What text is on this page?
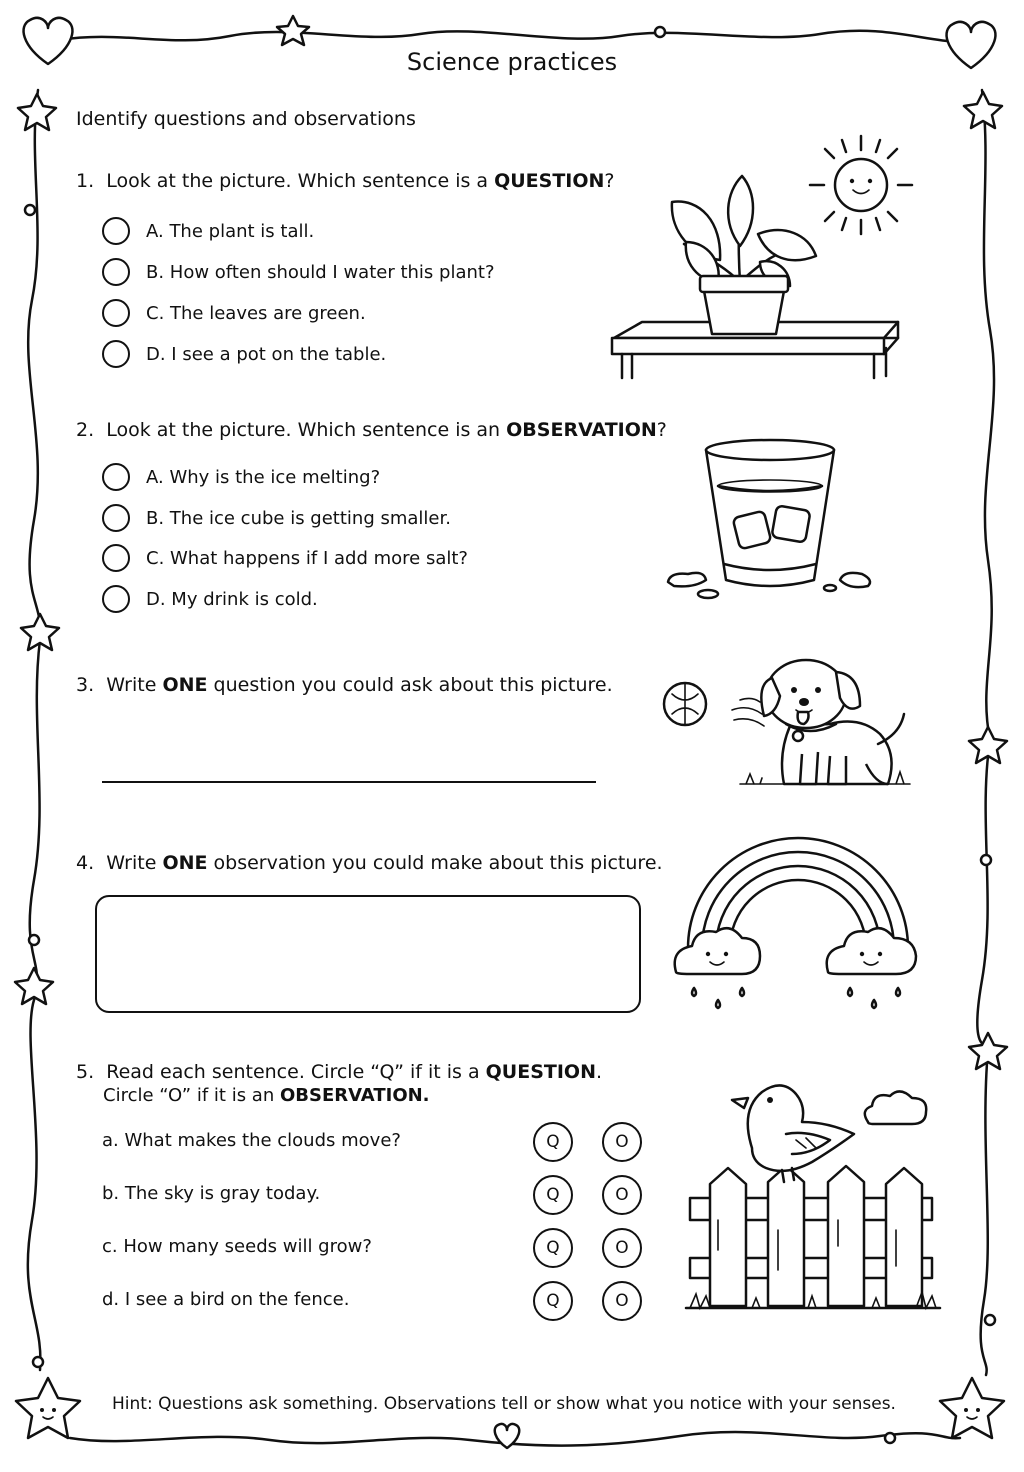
Science practices
Identify questions and observations
1. Look at the picture. Which sentence is a QUESTION?
A. The plant is tall.
B. How often should I water this plant?
C. The leaves are green.
D. I see a pot on the table.
2. Look at the picture. Which sentence is an OBSERVATION?
A. Why is the ice melting?
B. The ice cube is getting smaller.
C. What happens if I add more salt?
D. My drink is cold.
3. Write ONE question you could ask about this picture.
4. Write ONE observation you could make about this picture.
5. Read each sentence. Circle “Q” if it is a QUESTION.
Circle “O” if it is an OBSERVATION.
a. What makes the clouds move?	Q	O
b. The sky is gray today.	Q	O
c. How many seeds will grow?	Q	O
d. I see a bird on the fence.	Q	O
Hint: Questions ask something. Observations tell or show what you notice with your senses.
